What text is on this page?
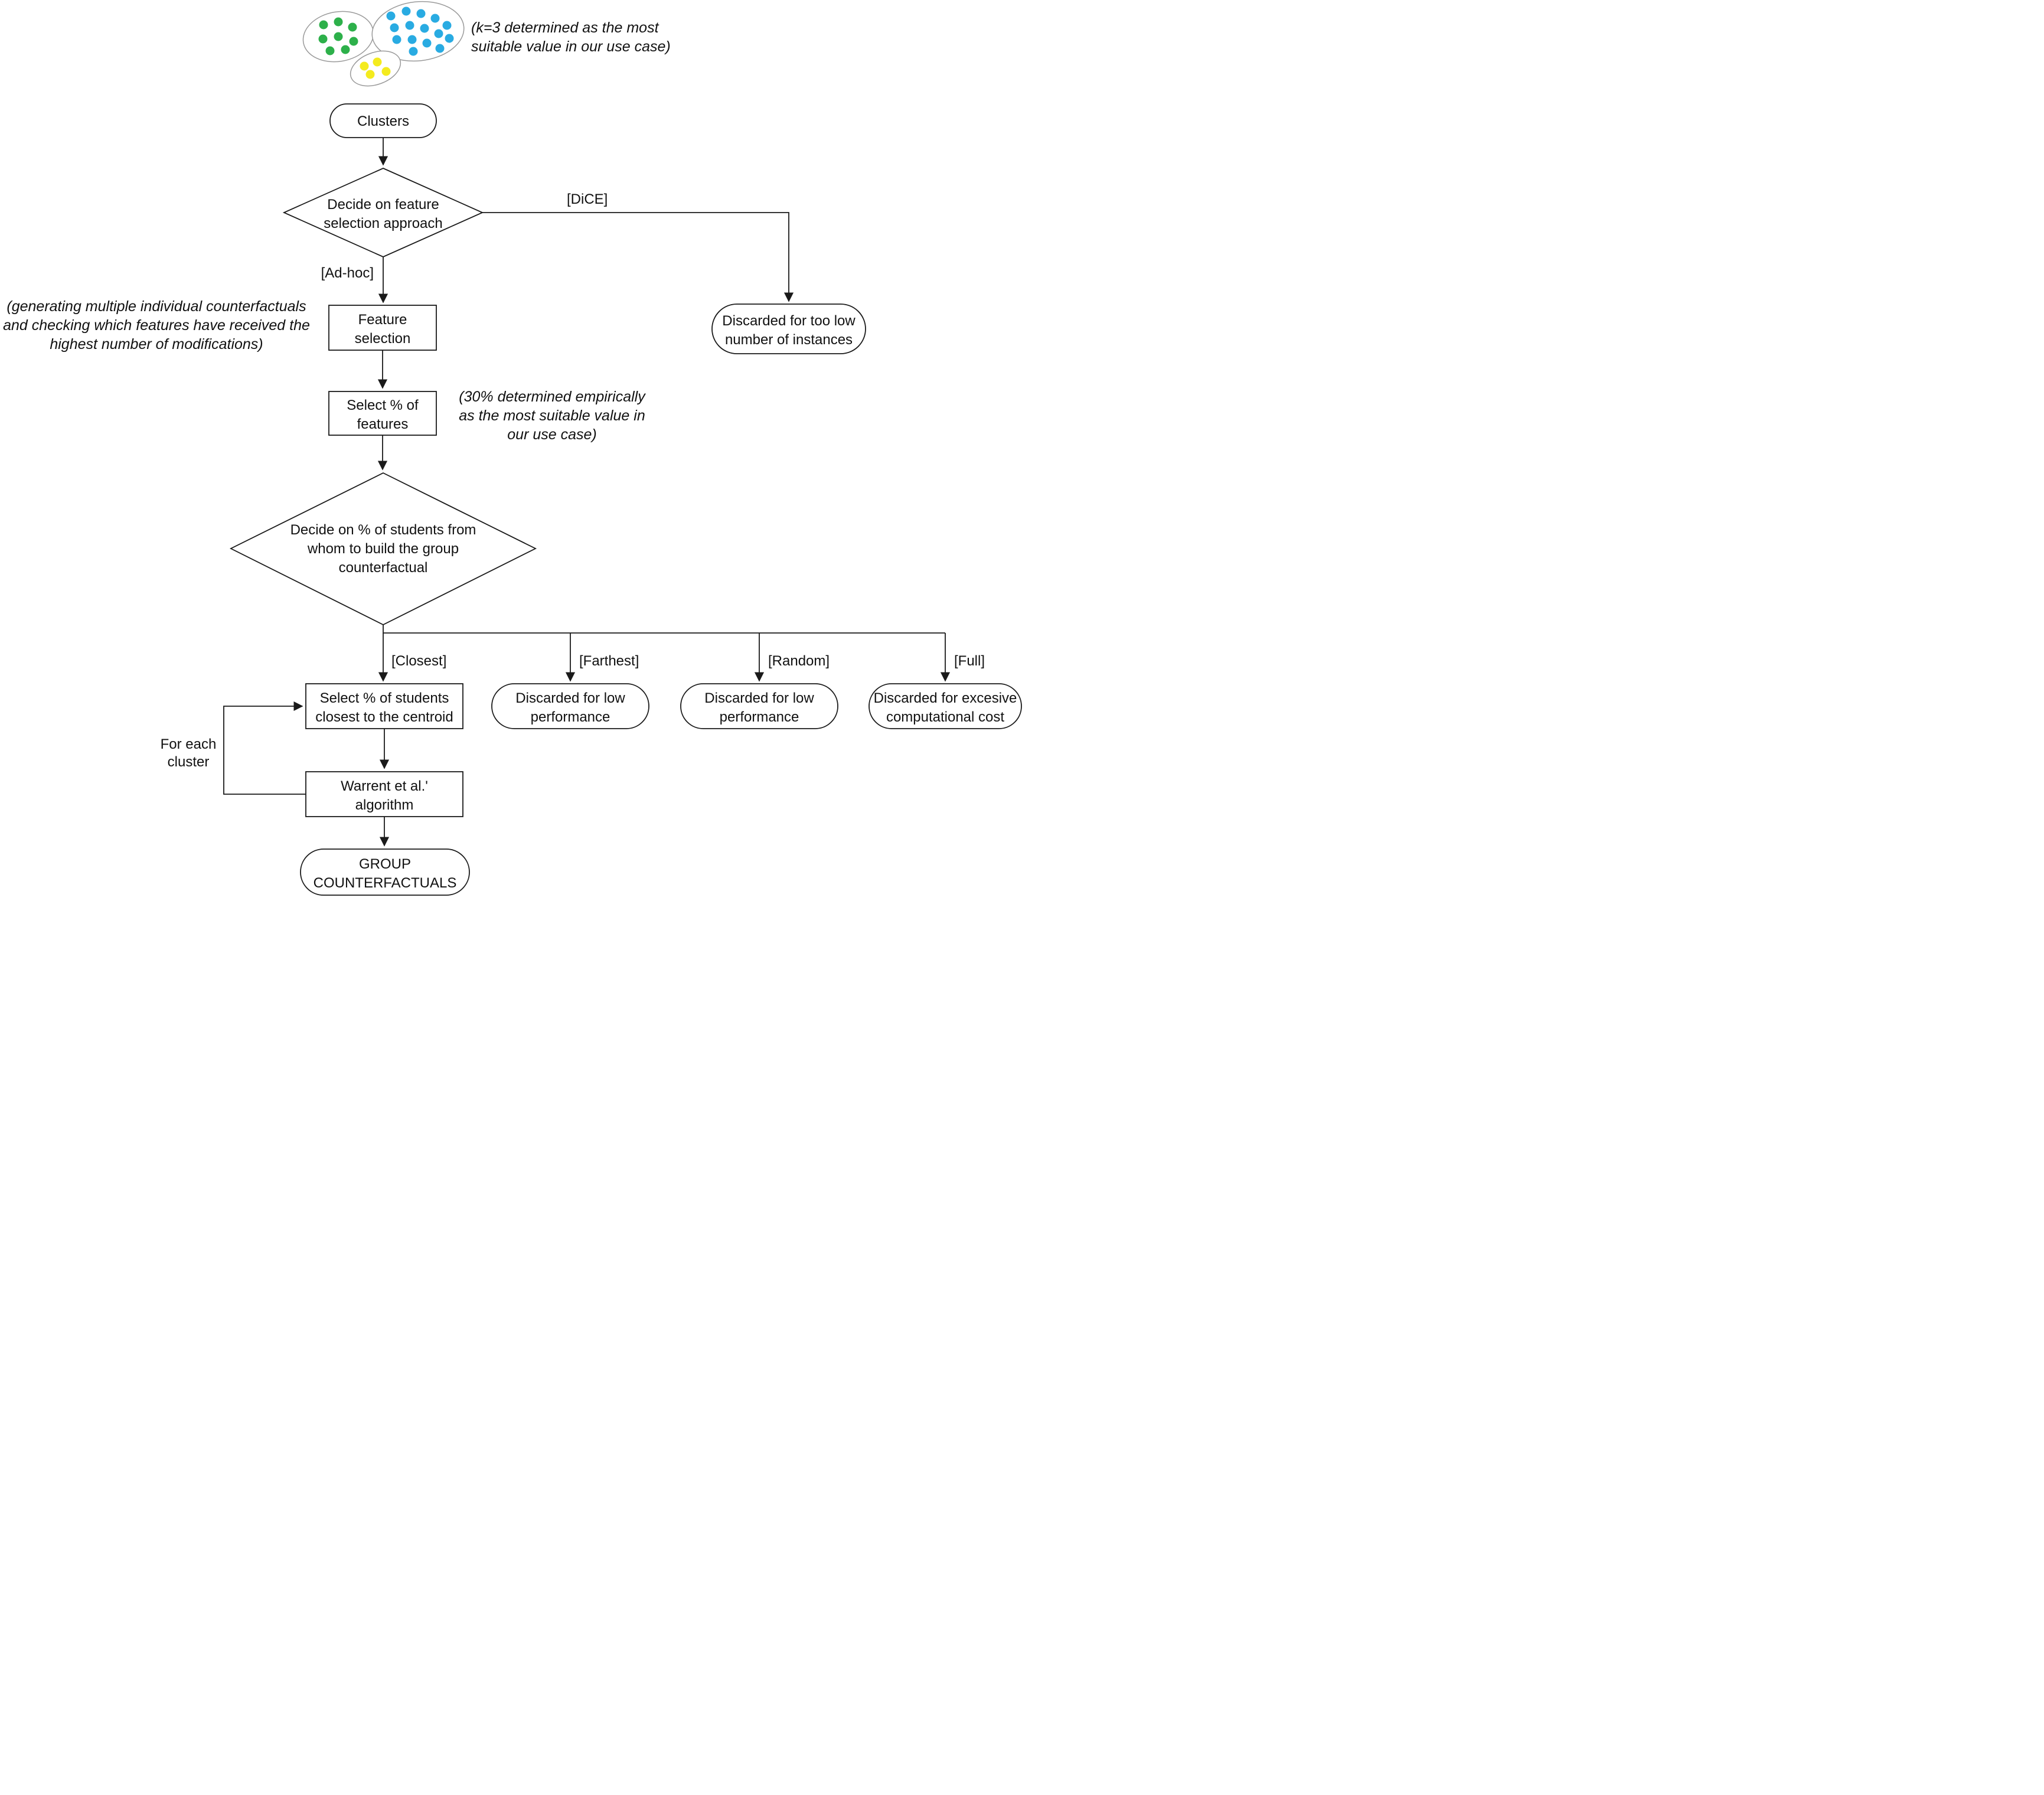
(k=3 determined as the most
suitable value in our use case)
(generating multiple individual counterfactuals
and checking which features have received the
highest number of modifications)
(30% determined empirically
as the most suitable value in
our use case)
[DiCE]
[Ad-hoc]
[Closest]	[Farthest]	[Random]	[Full]
For each
cluster
Clusters
Decide on feature
selection approach
Discarded for too low
number of instances
Feature
selection
Select % of
features
Decide on % of students from
whom to build the group
counterfactual
Select % of students
closest to the centroid
Discarded for low
performance
Discarded for low
performance
Discarded for excesive
computational cost
Warrent et al.'
algorithm
GROUP
COUNTERFACTUALS
